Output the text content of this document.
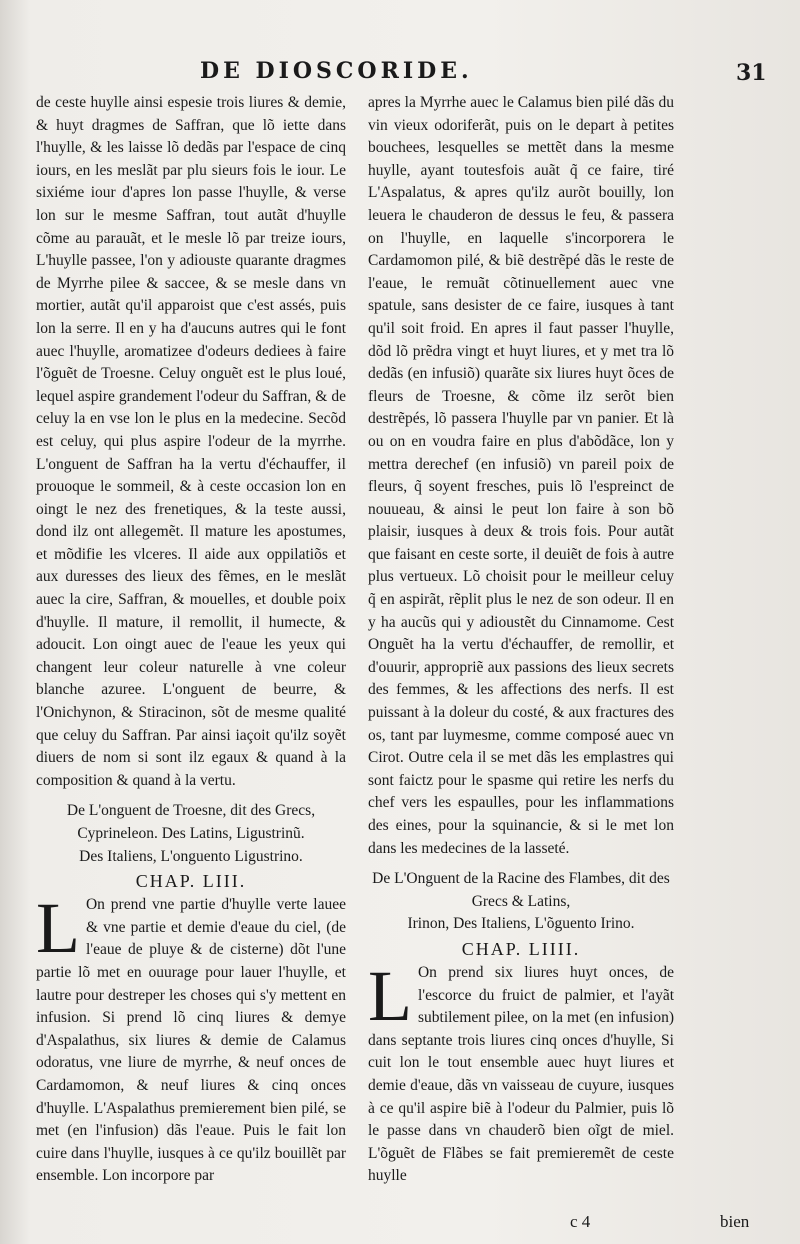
DE DIOSCORIDE.	31

de ceste huylle ainsi espesie trois liures & demie, & huyt dragmes de Saffran, que lõ iette dans l'huylle, & les laisse lõ dedãs par l'espace de cinq iours, en les meslãt par plu sieurs fois le iour. Le sixiéme iour d'apres lon passe l'huylle, & verse lon sur le mesme Saffran, tout autãt d'huylle cõme au parauãt, et le mesle lõ par treize iours, L'huylle passee, l'on y adiouste quarante dragmes de Myrrhe pilee & saccee, & se mesle dans vn mortier, autãt qu'il apparoist que c'est assés, puis lon la serre. Il en y ha d'aucuns autres qui le font auec l'huylle, aromatizee d'odeurs dediees à faire l'õguẽt de Troesne. Celuy onguẽt est le plus loué, lequel aspire grandement l'odeur du Saffran, & de celuy la en vse lon le plus en la medecine. Secõd est celuy, qui plus aspire l'odeur de la myrrhe. L'onguent de Saffran ha la vertu d'échauffer, il prouoque le sommeil, & à ceste occasion lon en oingt le nez des frenetiques, & la teste aussi, dond ilz ont allegemẽt. Il mature les apostumes, et mõdifie les vlceres. Il aide aux oppilatiõs et aux duresses des lieux des fẽmes, en le meslãt auec la cire, Saffran, & mouelles, et double poix d'huylle. Il mature, il remollit, il humecte, & adoucit. Lon oingt auec de l'eaue les yeux qui changent leur coleur naturelle à vne coleur blanche azuree. L'onguent de beurre, & l'Onichynon, & Stiracinon, sõt de mesme qualité que celuy du Saffran. Par ainsi iaçoit qu'ilz soyẽt diuers de nom si sont ilz egaux & quand à la composition & quand à la vertu.

De L'onguent de Troesne, dit des Grecs,
Cyprineleon. Des Latins, Ligustrinũ.
Des Italiens, L'onguento Ligustrino.
CHAP. LIII.

L On prend vne partie d'huylle verte lauee & vne partie et demie d'eaue du ciel, (de l'eaue de pluye & de cisterne) dõt l'une partie lõ met en ouurage pour lauer l'huylle, et lautre pour destreper les choses qui s'y mettent en infusion. Si prend lõ cinq liures & demye d'Aspalathus, six liures & demie de Calamus odoratus, vne liure de myrrhe, & neuf onces de Cardamomon, & neuf liures & cinq onces d'huylle. L'Aspalathus premierement bien pilé, se met (en l'infusion) dãs l'eaue. Puis le fait lon cuire dans l'huylle, iusques à ce qu'ilz bouillẽt par ensemble. Lon incorpore par

apres la Myrrhe auec le Calamus bien pilé dãs du vin vieux odoriferãt, puis on le depart à petites bouchees, lesquelles se mettẽt dans la mesme huylle, ayant toutesfois auãt q̃ ce faire, tiré L'Aspalatus, & apres qu'ilz aurõt bouilly, lon leuera le chauderon de dessus le feu, & passera on l'huylle, en laquelle s'incorporera le Cardamomon pilé, & biẽ destrẽpé dãs le reste de l'eaue, le remuãt cõtinuellement auec vne spatule, sans desister de ce faire, iusques à tant qu'il soit froid. En apres il faut passer l'huylle, dõd lõ prẽdra vingt et huyt liures, et y met tra lõ dedãs (en infusiõ) quarãte six liures huyt õces de fleurs de Troesne, & cõme ilz serõt bien destrẽpés, lõ passera l'huylle par vn panier. Et là ou on en voudra faire en plus d'abõdãce, lon y mettra derechef (en infusiõ) vn pareil poix de fleurs, q̃ soyent fresches, puis lõ l'espreinct de nouueau, & ainsi le peut lon faire à son bõ plaisir, iusques à deux & trois fois. Pour autãt que faisant en ceste sorte, il deuiẽt de fois à autre plus vertueux. Lõ choisit pour le meilleur celuy q̃ en aspirãt, rẽplit plus le nez de son odeur. Il en y ha aucũs qui y adioustẽt du Cinnamome. Cest Onguẽt ha la vertu d'échauffer, de remollir, et d'ouurir, appropriẽ aux passions des lieux secrets des femmes, & les affections des nerfs. Il est puissant à la doleur du costé, & aux fractures des os, tant par luymesme, comme composé auec vn Cirot. Outre cela il se met dãs les emplastres qui sont faictz pour le spasme qui retire les nerfs du chef vers les espaulles, pour les inflammations des eines, pour la squinancie, & si le met lon dans les medecines de la lasseté.

De L'Onguent de la Racine des Flambes, dit des Grecs & Latins,
Irinon, Des Italiens, L'õguento Irino.
CHAP. LIIII.

L On prend six liures huyt onces, de l'escorce du fruict de palmier, et l'ayãt subtilement pilee, on la met (en infusion) dans septante trois liures cinq onces d'huylle, Si cuit lon le tout ensemble auec huyt liures et demie d'eaue, dãs vn vaisseau de cuyure, iusques à ce qu'il aspire biẽ à l'odeur du Palmier, puis lõ le passe dans vn chauderõ bien oĩgt de miel. L'õguẽt de Flãbes se fait premieremẽt de ceste huylle

c 4	bien
